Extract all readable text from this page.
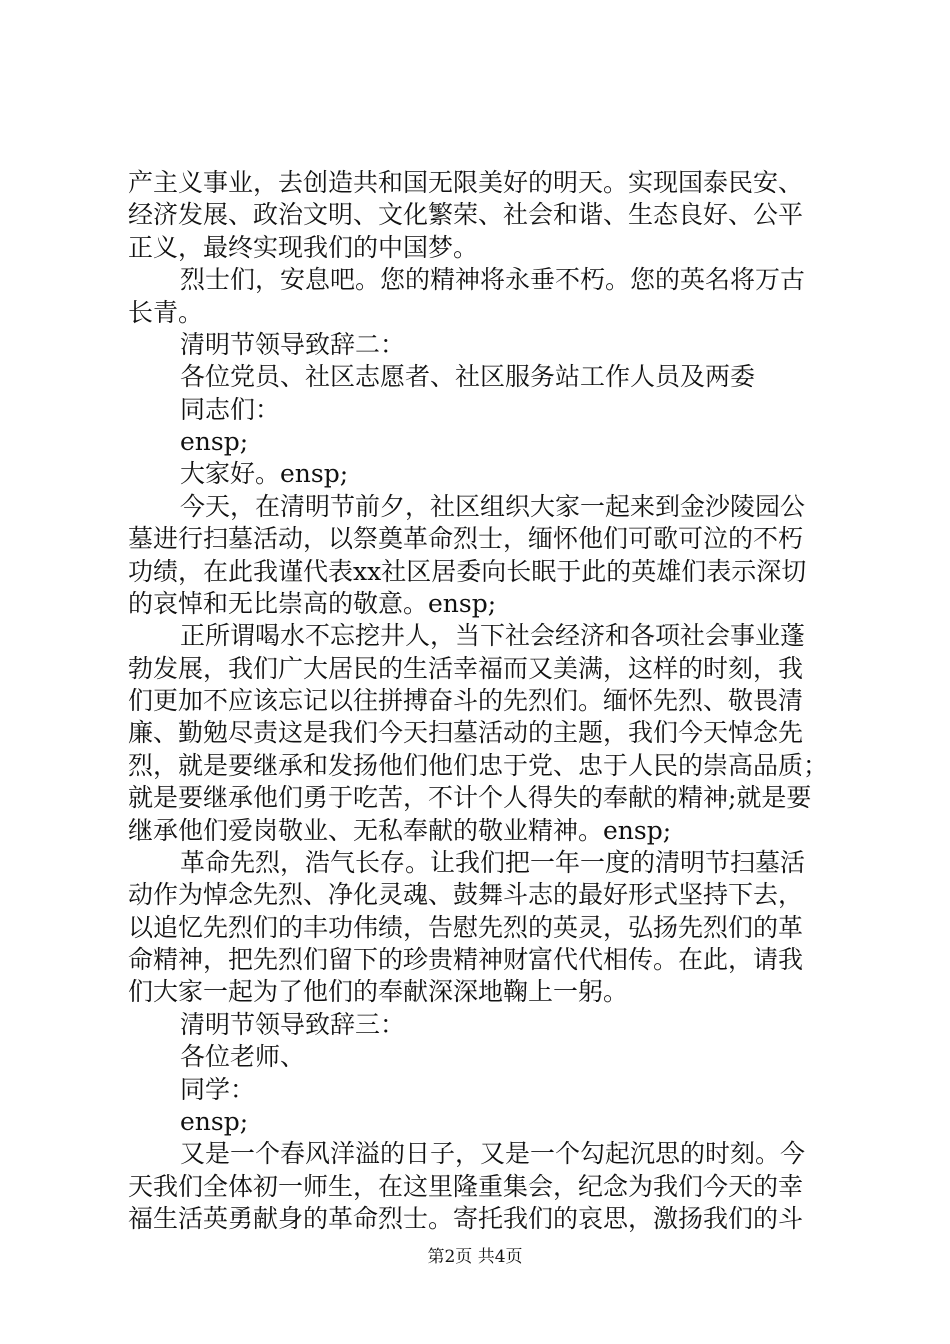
产主义事业，去创造共和国无限美好的明天。实现国泰民安、
经济发展、政治文明、文化繁荣、社会和谐、生态良好、公平
正义，最终实现我们的中国梦。
烈士们，安息吧。您的精神将永垂不朽。您的英名将万古
长青。
清明节领导致辞二：
各位党员、社区志愿者、社区服务站工作人员及两委
同志们：
ensp;
大家好。ensp;
今天，在清明节前夕，社区组织大家一起来到金沙陵园公
墓进行扫墓活动，以祭奠革命烈士，缅怀他们可歌可泣的不朽
功绩，在此我谨代表xx社区居委向长眠于此的英雄们表示深切
的哀悼和无比崇高的敬意。ensp;
正所谓喝水不忘挖井人，当下社会经济和各项社会事业蓬
勃发展，我们广大居民的生活幸福而又美满，这样的时刻，我
们更加不应该忘记以往拼搏奋斗的先烈们。缅怀先烈、敬畏清
廉、勤勉尽责这是我们今天扫墓活动的主题，我们今天悼念先
烈，就是要继承和发扬他们他们忠于党、忠于人民的崇高品质；
就是要继承他们勇于吃苦，不计个人得失的奉献的精神;就是要
继承他们爱岗敬业、无私奉献的敬业精神。ensp;
革命先烈，浩气长存。让我们把一年一度的清明节扫墓活
动作为悼念先烈、净化灵魂、鼓舞斗志的最好形式坚持下去，
以追忆先烈们的丰功伟绩，告慰先烈的英灵，弘扬先烈们的革
命精神，把先烈们留下的珍贵精神财富代代相传。在此，请我
们大家一起为了他们的奉献深深地鞠上一躬。
清明节领导致辞三：
各位老师、
同学：
ensp;
又是一个春风洋溢的日子，又是一个勾起沉思的时刻。今
天我们全体初一师生，在这里隆重集会，纪念为我们今天的幸
福生活英勇献身的革命烈士。寄托我们的哀思，激扬我们的斗
第2页 共4页
